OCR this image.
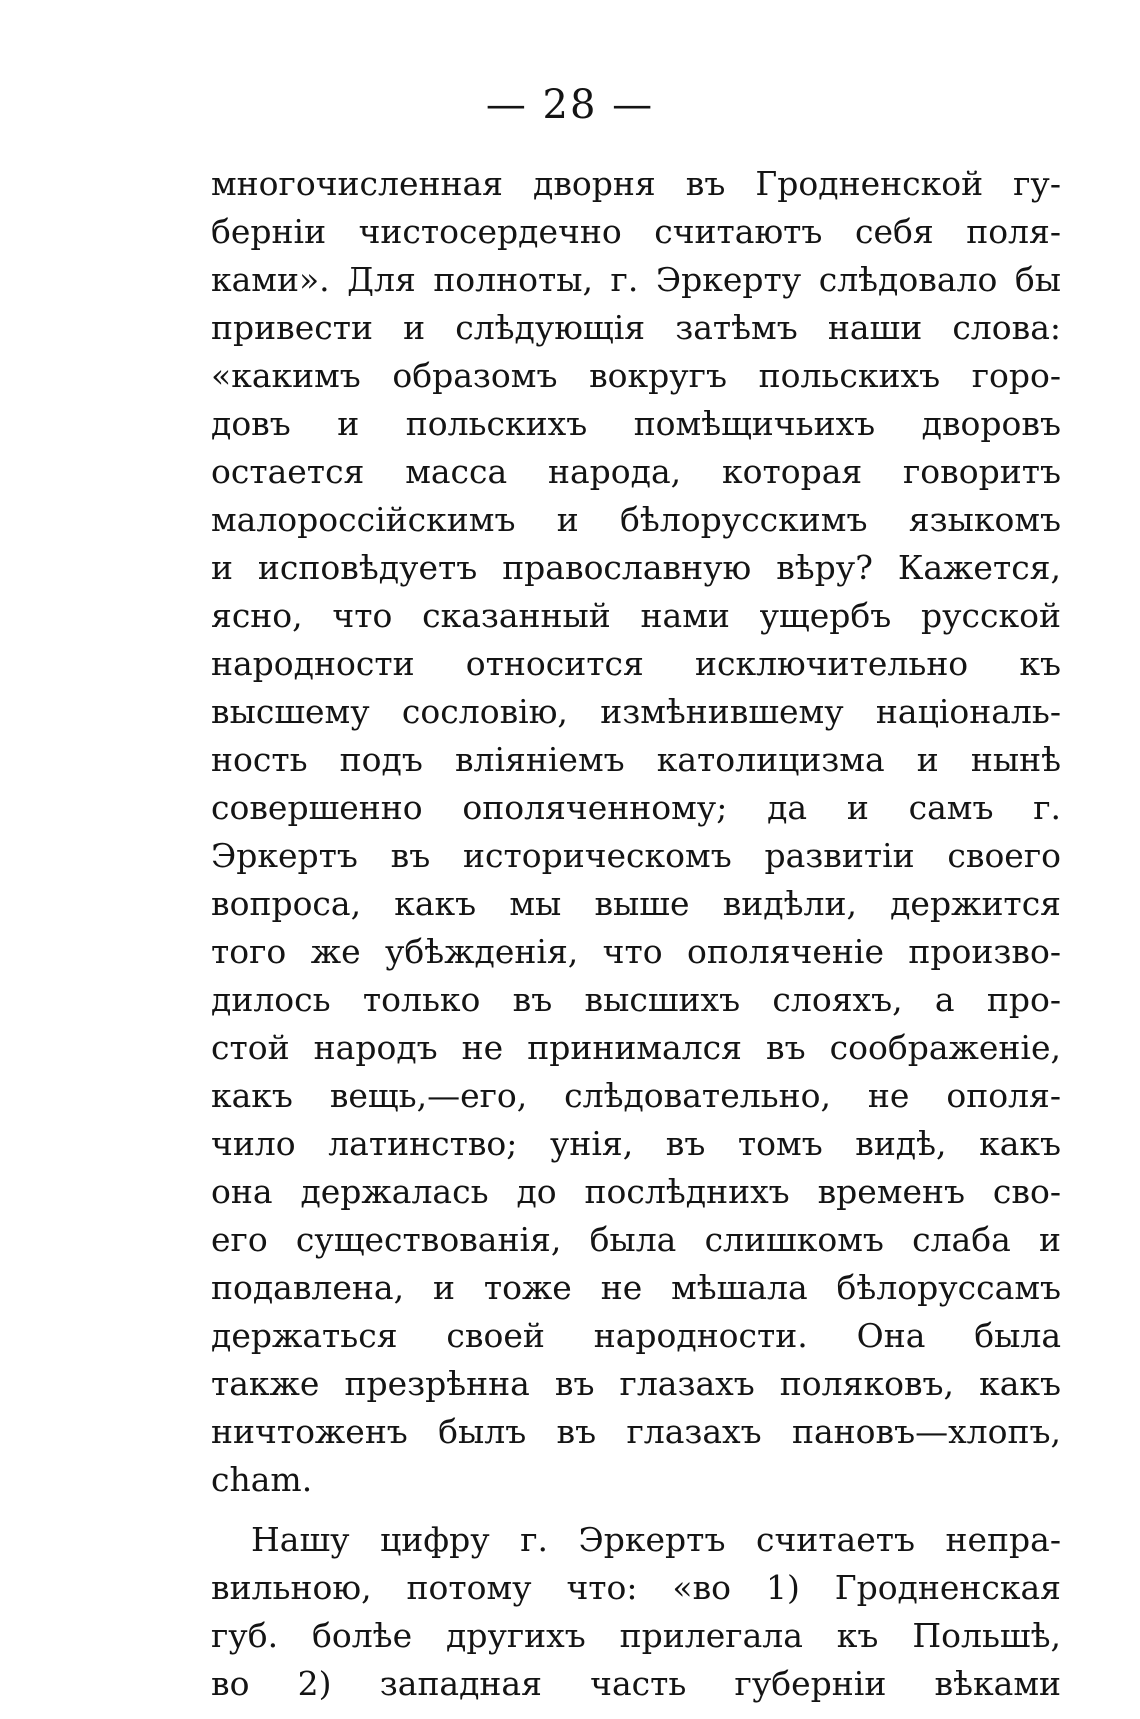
— 28 —
многочисленная дворня въ Гродненской гу-
берніи чистосердечно считаютъ себя поля-
ками». Для полноты, г. Эркерту слѣдовало бы
привести и слѣдующія затѣмъ наши слова:
«какимъ образомъ вокругъ польскихъ горо-
довъ и польскихъ помѣщичьихъ дворовъ
остается масса народа, которая говоритъ
малороссійскимъ и бѣлорусскимъ языкомъ
и исповѣдуетъ православную вѣру? Кажется,
ясно, что сказанный нами ущербъ русской
народности относится исключительно къ
высшему сословію, измѣнившему національ-
ность подъ вліяніемъ католицизма и нынѣ
совершенно ополяченному; да и самъ г.
Эркертъ въ историческомъ развитіи своего
вопроса, какъ мы выше видѣли, держится
того же убѣжденія, что ополяченіе произво-
дилось только въ высшихъ слояхъ, а про-
стой народъ не принимался въ соображеніе,
какъ вещь,—его, слѣдовательно, не ополя-
чило латинство; унія, въ томъ видѣ, какъ
она держалась до послѣднихъ временъ сво-
его существованія, была слишкомъ слаба и
подавлена, и тоже не мѣшала бѣлоруссамъ
держаться своей народности. Она была
также презрѣнна въ глазахъ поляковъ, какъ
ничтоженъ былъ въ глазахъ пановъ—хлопъ,
cham.
Нашу цифру г. Эркертъ считаетъ непра-
вильною, потому что: «во 1) Гродненская
губ. болѣе другихъ прилегала къ Польшѣ,
во 2) западная часть губерніи вѣками
